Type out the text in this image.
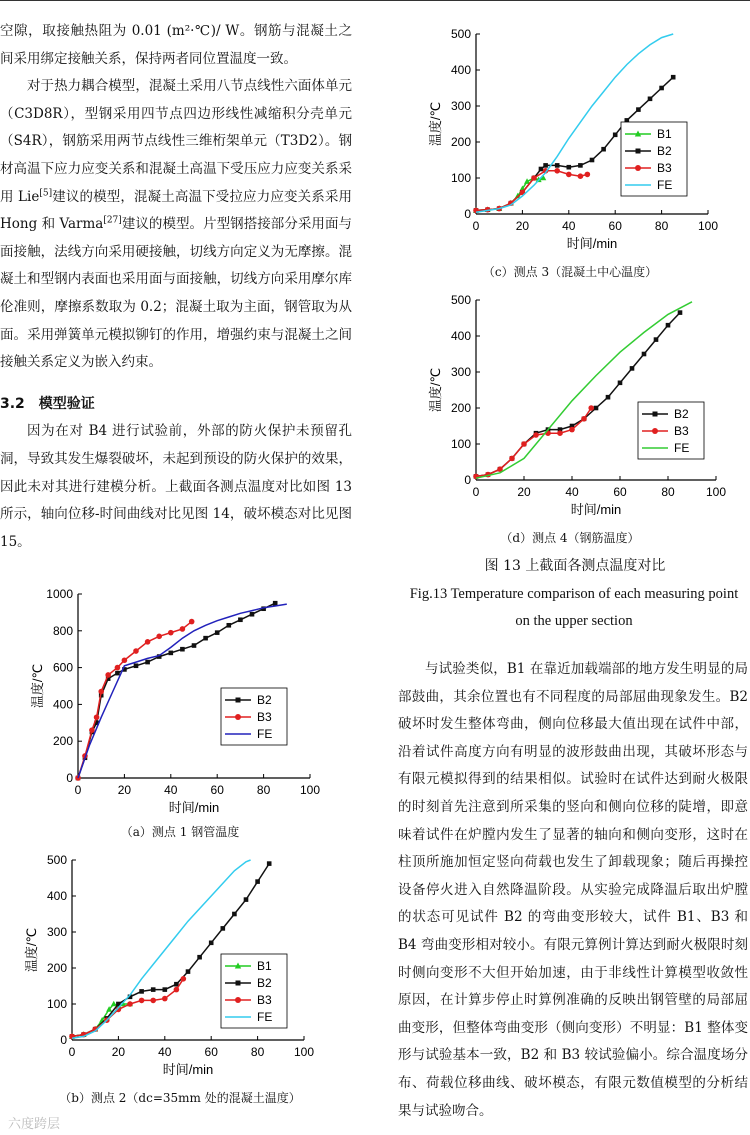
空隙，取接触热阻为 0.01 (m²·℃)/ W。钢筋与混凝土之间采用绑定接触关系，保持两者同位置温度一致。

对于热力耦合模型，混凝土采用八节点线性六面体单元（C3D8R），型钢采用四节点四边形线性减缩积分壳单元（S4R），钢筋采用两节点线性三维桁架单元（T3D2）。钢材高温下应力应变关系和混凝土高温下受压应力应变关系采用 Lie[5]建议的模型，混凝土高温下受拉应力应变关系采用 Hong 和 Varma[27]建议的模型。片型钢搭接部分采用面与面接触，法线方向采用硬接触，切线方向定义为无摩擦。混凝土和型钢内表面也采用面与面接触，切线方向采用摩尔库伦准则，摩擦系数取为 0.2；混凝土取为主面，钢管取为从面。采用弹簧单元模拟铆钉的作用，增强约束与混凝土之间接触关系定义为嵌入约束。

3.2　模型验证

因为在对 B4 进行试验前，外部的防火保护未预留孔洞，导致其发生爆裂破坏，未起到预设的防火保护的效果，因此未对其进行建模分析。上截面各测点温度对比如图 13 所示，轴向位移-时间曲线对比见图 14，破坏模态对比见图 15。

与试验类似，B1 在靠近加载端部的地方发生明显的局部鼓曲，其余位置也有不同程度的局部屈曲现象发生。B2 破坏时发生整体弯曲，侧向位移最大值出现在试件中部，沿着试件高度方向有明显的波形鼓曲出现，其破坏形态与有限元模拟得到的结果相似。试验时在试件达到耐火极限的时刻首先注意到所采集的竖向和侧向位移的陡增，即意味着试件在炉膛内发生了显著的轴向和侧向变形，这时在柱顶所施加恒定竖向荷载也发生了卸载现象；随后再操控设备停火进入自然降温阶段。从实验完成降温后取出炉膛的状态可见试件 B2 的弯曲变形较大，试件 B1、B3 和 B4 弯曲变形相对较小。有限元算例计算达到耐火极限时刻时侧向变形不大但开始加速，由于非线性计算模型收敛性原因，在计算步停止时算例准确的反映出钢管壁的局部屈曲变形，但整体弯曲变形（侧向变形）不明显：B1 整体变形与试验基本一致，B2 和 B3 较试验偏小。综合温度场分布、荷载位移曲线、破坏模态，有限元数值模型的分析结果与试验吻合。

0	20	40	60	80 100
0
200
400
600
800
1000
时间/min
温度/℃	B2
B3
FE
（a）测点 1 钢管温度
0	20	40	60	80 100
0
100
200
300
400
500
时间/min
温度/℃	B1
B2
B3
FE
（b）测点 2（dc=35mm 处的混凝土温度）
0	20	40	60	80 100
0
100
200
300
400
500
时间/min
温度/℃	B1
B2
B3
FE
（c）测点 3（混凝土中心温度）
0	20	40	60	80	100
0
100
200
300
400
500
时间/min
温度/℃
B2
B3
FE
（d）测点 4（钢筋温度）
图 13 上截面各测点温度对比
Fig.13 Temperature comparison of each measuring point
on the upper section
六度跨层
